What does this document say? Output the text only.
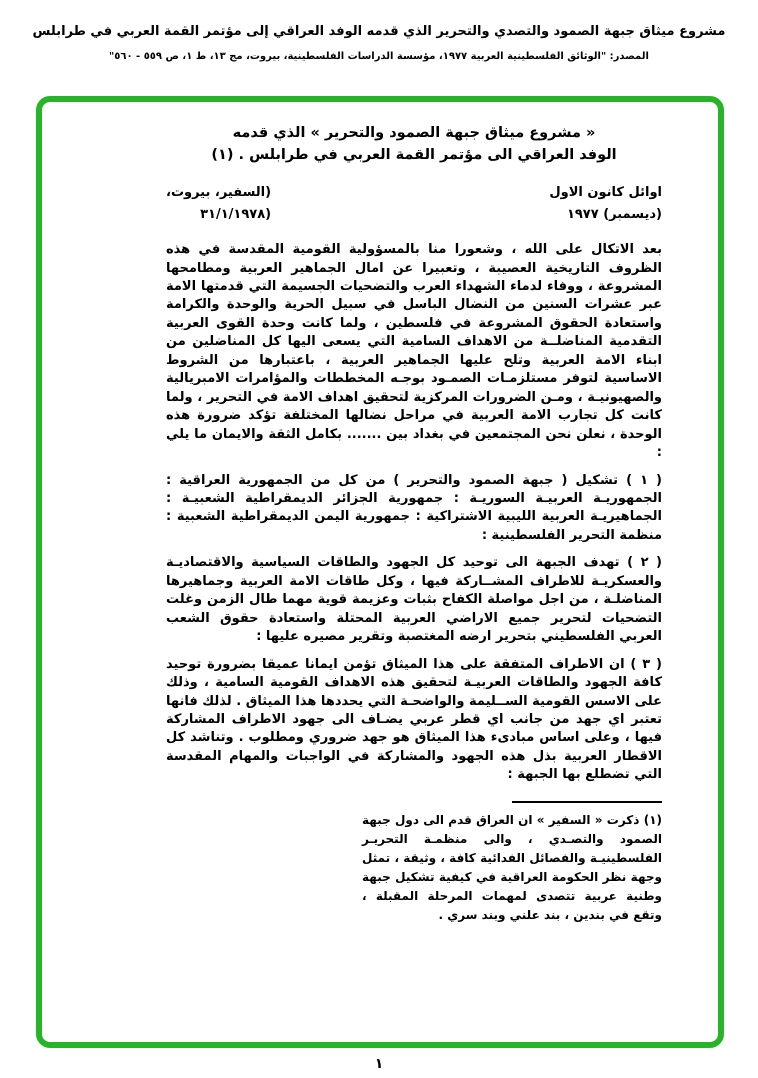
مشروع ميثاق جبهة الصمود والتصدي والتحرير الذي قدمه الوفد العراقي إلى مؤتمر القمة العربي في طرابلس
المصدر: "الوثائق الفلسطينية العربية ١٩٧٧، مؤسسة الدراسات الفلسطينية، بيروت، مج ١٣، ط ١، ص ٥٥٩ - ٥٦٠"
« مشروع ميثاق جبهة الصمود والتحرير » الذي قدمه
الوفد العراقي الى مؤتمر القمة العربي في طرابلس . (١)
اوائل كانون الاول
(ديسمبر) ١٩٧٧
(السفير، بيروت،
(٣١/١/١٩٧٨

بعد الاتكال على الله ، وشعورا منا بالمسؤولية القومية المقدسة في هذه الظروف التاريخية العصيبة ، وتعبيرا عن امال الجماهير العربية ومطامحها المشروعة ، ووفاء لدماء الشهداء العرب والتضحيات الجسيمة التي قدمتها الامة عبر عشرات السنين من النضال الباسل في سبيل الحرية والوحدة والكرامة واستعادة الحقوق المشروعة في فلسطين ، ولما كانت وحدة القوى العربية التقدمية المناضلــة من الاهداف السامية التي يسعى اليها كل المناضلين من ابناء الامة العربية وتلح عليها الجماهير العربية ، باعتبارها من الشروط الاساسية لتوفر مستلزمـات الصمـود بوجـه المخططات والمؤامرات الامبريالية والصهيونيـة ، ومـن الضرورات المركزية لتحقيق اهداف الامة في التحرير ، ولما كانت كل تجارب الامة العربية في مراحل نضالها المختلفة تؤكد ضرورة هذه الوحدة ، نعلن نحن المجتمعين في بغداد بين ....... بكامل الثقة والايمان ما يلي :

( ١ ) تشكيل ( جبهة الصمود والتحرير ) من كل من الجمهورية العراقية : الجمهوريـة العربيـة السوريـة : جمهورية الجزائر الديمقراطية الشعبيـة : الجماهيريـة العربية الليبية الاشتراكية : جمهورية اليمن الديمقراطية الشعبية : منظمة التحرير الفلسطينية :

( ٢ ) تهدف الجبهة الى توحيد كل الجهود والطاقات السياسية والاقتصاديـة والعسكريـة للاطراف المشــاركة فيها ، وكل طاقات الامة العربية وجماهيرها المناضلـة ، من اجل مواصلة الكفاح بثبات وعزيمة قوية مهما طال الزمن وغلت التضحيات لتحرير جميع الاراضي العربية المحتلة واستعادة حقوق الشعب العربي الفلسطيني بتحرير ارضه المغتصبة وتقرير مصيره عليها :

( ٣ ) ان الاطراف المتفقة على هذا الميثاق تؤمن ايمانا عميقا بضرورة توحيد كافة الجهود والطاقات العربيـة لتحقيق هذه الاهداف القومية السامية ، وذلك على الاسس القومية الســليمة والواضحـة التي يحددها هذا الميثاق . لذلك فانها تعتبر اي جهد من جانب اي قطر عربي يضـاف الى جهود الاطراف المشاركة فيها ، وعلى اساس مبادىء هذا الميثاق هو جهد ضروري ومطلوب . وتناشد كل الاقطار العربية بذل هذه الجهود والمشاركة في الواجبات والمهام المقدسة التي تضطلع بها الجبهة :

(١) ذكرت « السفير » ان العراق قدم الى دول جبهة الصمود والتصـدي ، والى منظمـة التحريـر الفلسطينيـة والفصائل الفدائية كافة ، وثيقة ، تمثل وجهة نظر الحكومة العراقية في كيفية تشكيل جبهة وطنية عربية تتصدى لمهمات المرحلة المقبلة ، وتقع في بندين ، بند علني وبند سري .
١
